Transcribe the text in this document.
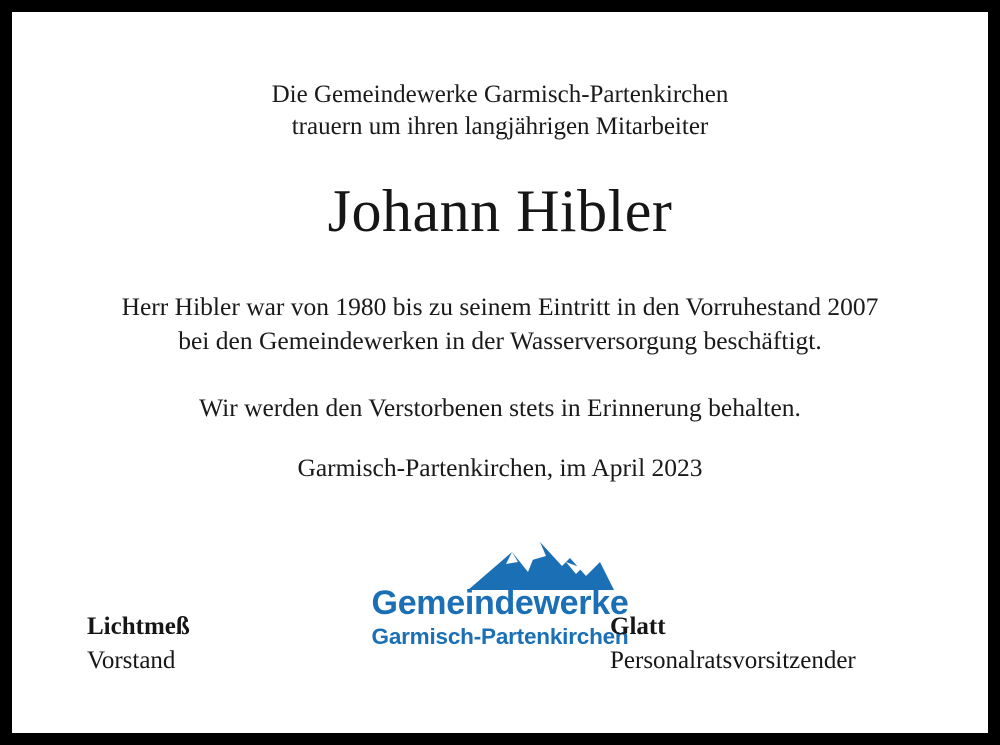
Die Gemeindewerke Garmisch-Partenkirchen
trauern um ihren langjährigen Mitarbeiter
Johann Hibler
Herr Hibler war von 1980 bis zu seinem Eintritt in den Vorruhestand 2007
bei den Gemeindewerken in der Wasserversorgung beschäftigt.
Wir werden den Verstorbenen stets in Erinnerung behalten.
Garmisch-Partenkirchen, im April 2023
Gemeindewerke
Garmisch-Partenkirchen
Lichtmeß
Vorstand
Glatt
Personalratsvorsitzender
